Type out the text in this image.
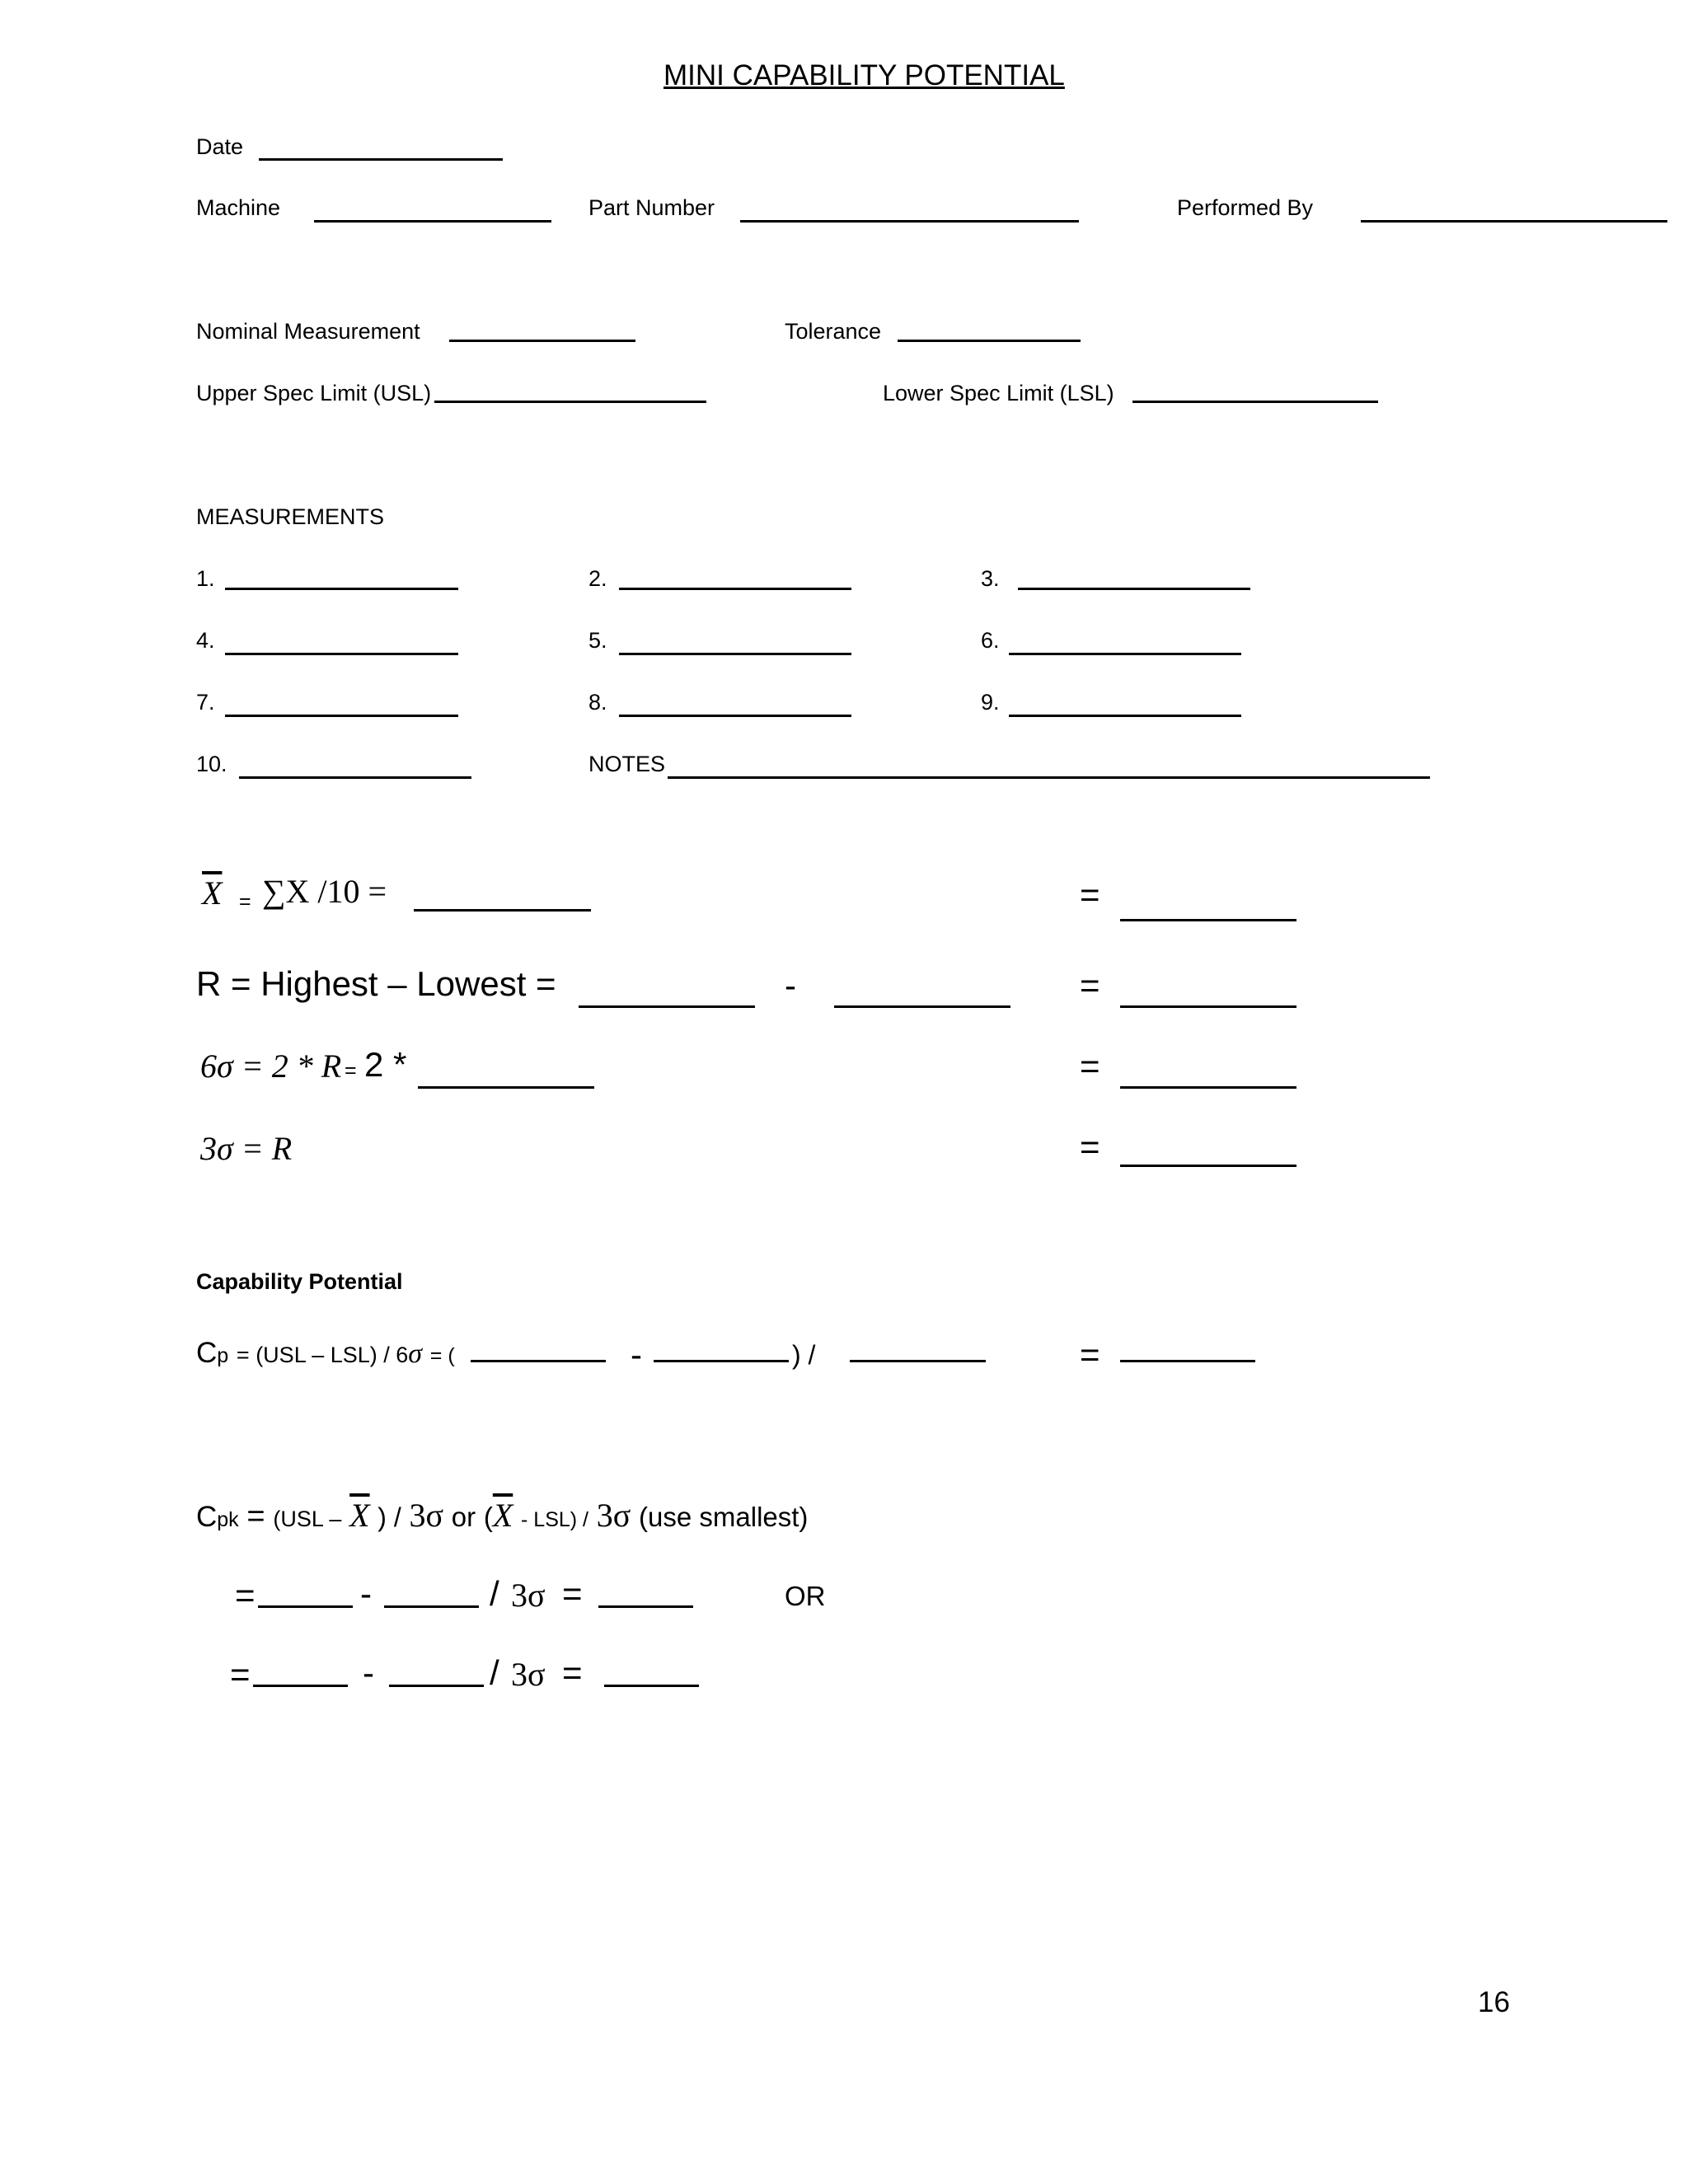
MINI CAPABILITY POTENTIAL
Date
Machine	Part Number	Performed By
Nominal Measurement	Tolerance
Upper Spec Limit (USL)	Lower Spec Limit (LSL)
MEASUREMENTS
1.	2.	3.
4.	5.	6.
7.	8.	9.
10.	NOTES
$\overline{X} = \sum X$ /10 =	=
R = Highest – Lowest =	-	=
6σ = 2 * R = 2 *	=
3σ = R	=
Capability Potential
Cp = (USL – LSL) / 6σ = (	-	) /	=
Cpk = ($USL - \overline{X}$ ) / 3σ or $(\overline{X} - LSL) / 3\sigma$ (use smallest)
=	-	/ 3σ =	OR
=	-	/ 3σ =
16
